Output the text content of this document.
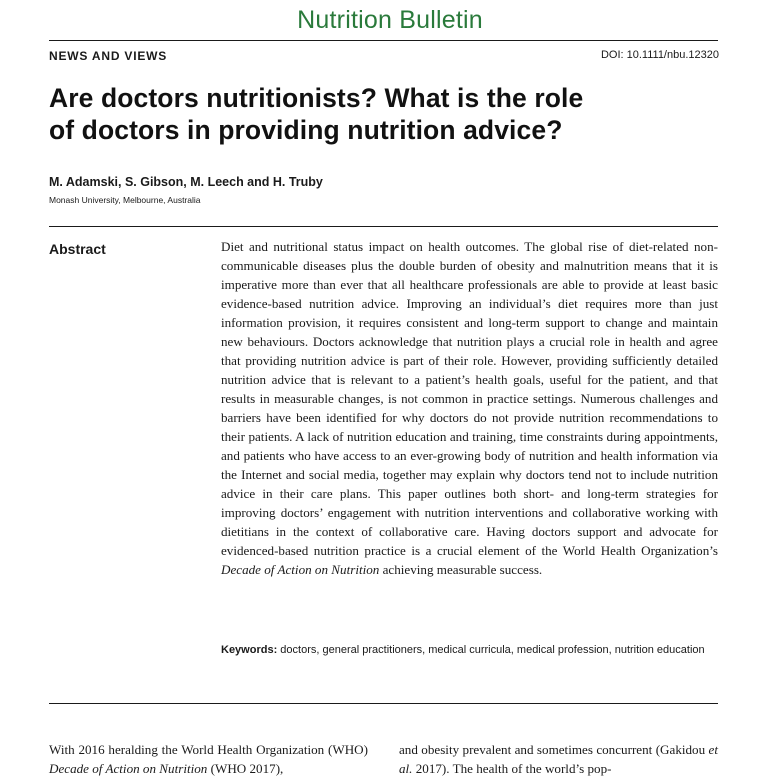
Nutrition Bulletin
NEWS AND VIEWS	DOI: 10.1111/nbu.12320
Are doctors nutritionists? What is the role
of doctors in providing nutrition advice?
M. Adamski, S. Gibson, M. Leech and H. Truby
Monash University, Melbourne, Australia
Abstract	Diet and nutritional status impact on health outcomes. The global rise of diet-related non-communicable diseases plus the double burden of obesity and malnutrition means that it is imperative more than ever that all healthcare professionals are able to provide at least basic evidence-based nutrition advice. Improving an individual’s diet requires more than just information provision, it requires consistent and long-term support to change and maintain new behaviours. Doctors acknowledge that nutrition plays a crucial role in health and agree that providing nutrition advice is part of their role. However, providing sufficiently detailed nutrition advice that is relevant to a patient’s health goals, useful for the patient, and that results in measurable changes, is not common in practice settings. Numerous challenges and barriers have been identified for why doctors do not provide nutrition recommendations to their patients. A lack of nutrition education and training, time constraints during appointments, and patients who have access to an ever-growing body of nutrition and health information via the Internet and social media, together may explain why doctors tend not to include nutrition advice in their care plans. This paper outlines both short- and long-term strategies for improving doctors’ engagement with nutrition interventions and collaborative working with dietitians in the context of collaborative care. Having doctors support and advocate for evidenced-based nutrition practice is a crucial element of the World Health Organization’s Decade of Action on Nutrition achieving measurable success.

Keywords: doctors, general practitioners, medical curricula, medical profession, nutrition education

With 2016 heralding the World Health Organization (WHO) Decade of Action on Nutrition (WHO 2017),

and obesity prevalent and sometimes concurrent (Gakidou et al. 2017). The health of the world’s pop-
